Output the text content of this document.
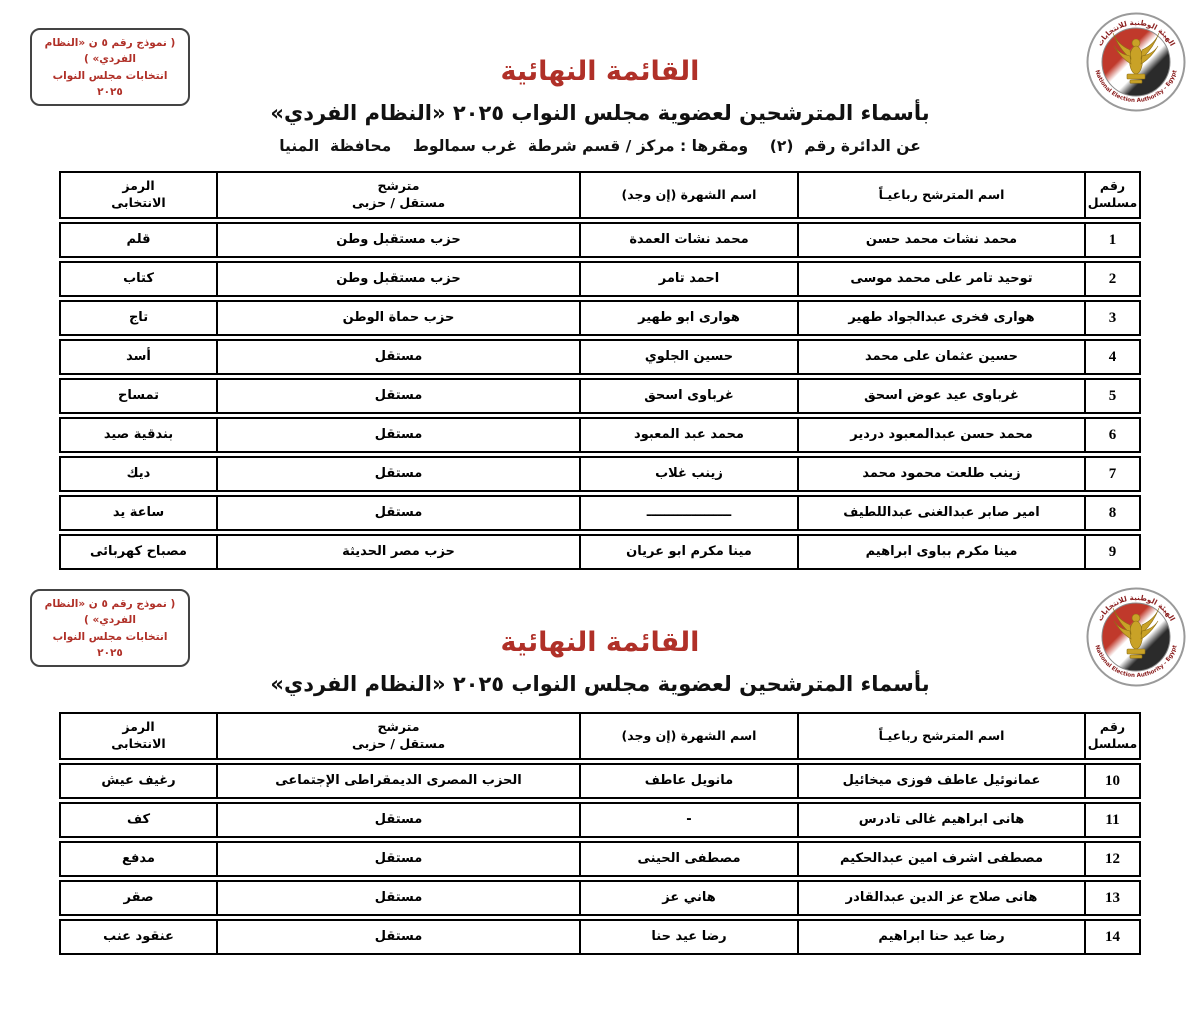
( نموذج رقم ٥ ن «النظام الفردي» )
انتخابات مجلس النواب ٢٠٢٥
الهيئة الوطنية للانتخابات
National Election Authority - Egypt
القائمة النهائية
بأسماء المترشحين لعضوية مجلس النواب ٢٠٢٥ «النظام الفردي»
عن الدائرة رقم  (٢)    ومقرها : مركز / قسم شرطة  غرب سمالوط    محافظة  المنيا
رقم
مسلسل
اسم المترشح رباعيـاً
اسم الشهرة (إن وجد)
مترشح
مستقل / حزبى
الرمز
الانتخابى
1
محمد نشات محمد حسن
محمد نشات العمدة
حزب مستقبل وطن
قلم
2
توحيد تامر على محمد موسى
احمد تامر
حزب مستقبل وطن
كتاب
3
هوارى فخرى عبدالجواد طهير
هوارى ابو طهير
حزب حماة الوطن
تاج
4
حسين عثمان على محمد
حسين الجلوي
مستقل
أسد
5
غرباوى عيد عوض اسحق
غرباوى اسحق
مستقل
تمساح
6
محمد حسن عبدالمعبود دردير
محمد عبد المعبود
مستقل
بندقية صيد
7
زينب طلعت محمود محمد
زينب غلاب
مستقل
ديك
8
امير صابر عبدالغنى عبداللطيف
ـــــــــــــــــــ
مستقل
ساعة يد
9
مينا مكرم بباوى ابراهيم
مينا مكرم ابو عريان
حزب مصر الحديثة
مصباح كهربائى
( نموذج رقم ٥ ن «النظام الفردي» )
انتخابات مجلس النواب ٢٠٢٥
الهيئة الوطنية للانتخابات
National Election Authority - Egypt
القائمة النهائية
بأسماء المترشحين لعضوية مجلس النواب ٢٠٢٥ «النظام الفردي»
رقم
مسلسل
اسم المترشح رباعيـاً
اسم الشهرة (إن وجد)
مترشح
مستقل / حزبى
الرمز
الانتخابى
10
عمانوئيل عاطف فوزى ميخائيل
مانويل عاطف
الحزب المصرى الديمقراطى الإجتماعى
رغيف عيش
11
هانى ابراهيم غالى تادرس
-
مستقل
كف
12
مصطفى اشرف امين عبدالحكيم
مصطفى الحينى
مستقل
مدفع
13
هانى صلاح عز الدين عبدالقادر
هاني عز
مستقل
صقر
14
رضا عيد حنا ابراهيم
رضا عيد حنا
مستقل
عنقود عنب
